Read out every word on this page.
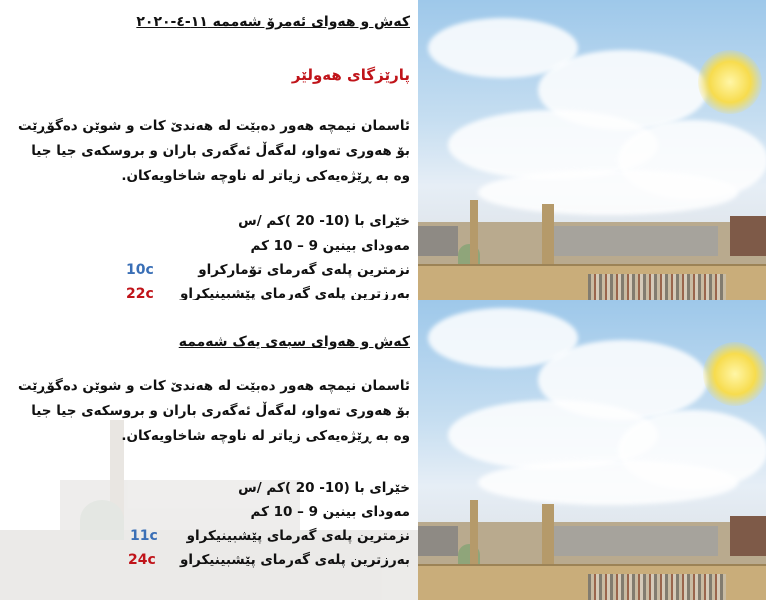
کەش و هەوای ئەمرۆ شەممە ١١-٤-٢٠٢٠
پارێزگای هەولێر
ئاسمان نیمچە هەور دەبێت لە هەندێ کات و شوێن دەگۆڕێت
بۆ هەوری تەواو، لەگەڵ ئەگەری باران و بروسکەی جیا جیا
وە بە ڕێژەیەکی زیاتر لە ناوچە شاخاویەکان.
خێرای با (10- 20 )کم /س
مەودای بینین 9 – 10 کم
نزمترین پلەی گەرمای تۆمارکراو
10c
بەرزترین پلەی گەرمای پێشبینیکراو
22c
کەش و هەوای سبەی یەک شەممە
ئاسمان نیمچە هەور دەبێت لە هەندێ کات و شوێن دەگۆڕێت
بۆ هەوری تەواو، لەگەڵ ئەگەری باران و بروسکەی جیا جیا
وە بە ڕێژەیەکی زیاتر لە ناوچە شاخاویەکان.
خێرای با (10- 20 )کم /س
مەودای بینین 9 – 10 کم
نزمترین پلەی گەرمای پێشبینیکراو
11c
بەرزترین پلەی گەرمای پێشبینیکراو
24c
